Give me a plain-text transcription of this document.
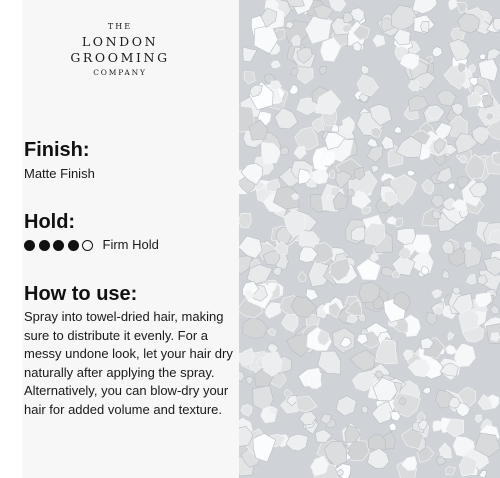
THE
LONDON
GROOMING
COMPANY
Finish:
Matte Finish
Hold:
Firm Hold
How to use:
Spray into towel-dried hair, making sure to distribute it evenly. For a messy undone look, let your hair dry naturally after applying the spray. Alternatively, you can blow-dry your hair for added volume and texture.
